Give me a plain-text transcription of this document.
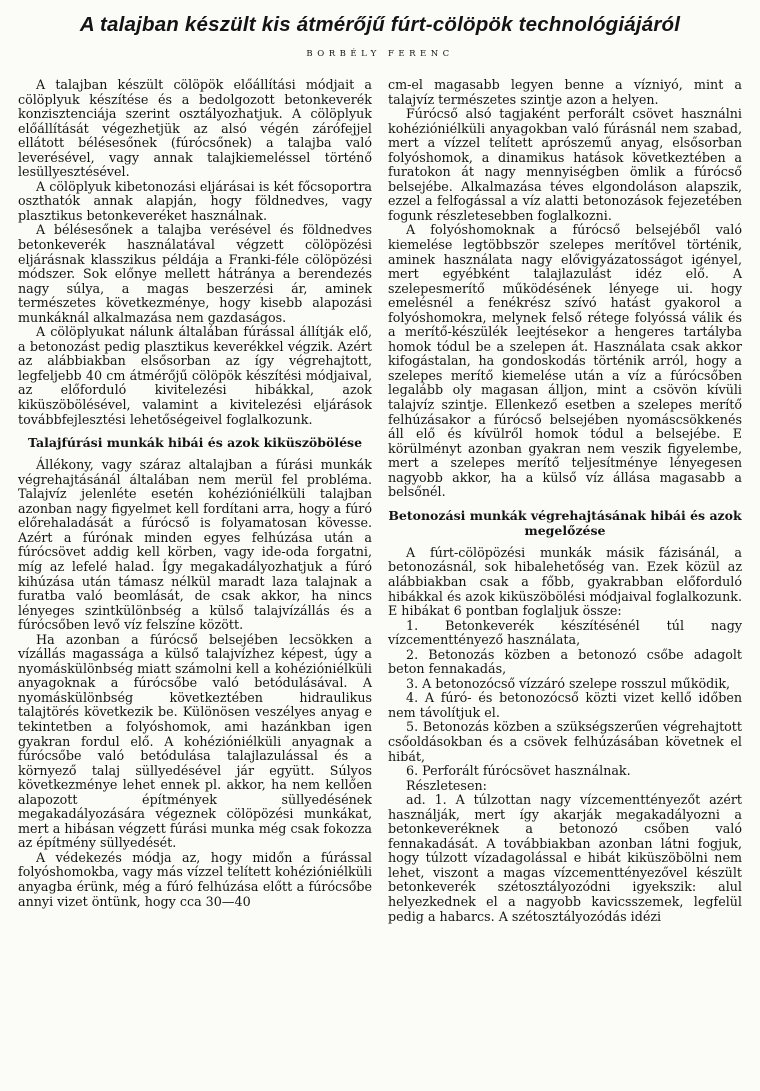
A talajban készült kis átmérőjű fúrt-cölöpök technológiájáról
BORBÉLY FERENC

A talajban készült cölöpök előállítási módjait a cölöplyuk készítése és a bedolgozott betonkeverék konzisztenciája szerint osztályozhatjuk. A cölöplyuk előállítását végezhetjük az alsó végén zárófejjel ellátott bélésesőnek (fúrócsőnek) a talajba való leverésével, vagy annak talajkiemeléssel történő lesüllyesztésével.

A cölöplyuk kibetonozási eljárásai is két főcsoportra oszthatók annak alapján, hogy földnedves, vagy plasztikus betonkeveréket használnak.

A bélésesőnek a talajba verésével és földnedves betonkeverék használatával végzett cölöpözési eljárásnak klasszikus példája a Franki-féle cölöpözési módszer. Sok előnye mellett hátránya a berendezés nagy súlya, a magas beszerzési ár, aminek természetes következménye, hogy kisebb alapozási munkáknál alkalmazása nem gazdaságos.

A cölöplyukat nálunk általában fúrással állítják elő, a betonozást pedig plasztikus keverékkel végzik. Azért az alábbiakban elsősorban az így végrehajtott, legfeljebb 40 cm átmérőjű cölöpök készítési módjaival, az előforduló kivitelezési hibákkal, azok kiküszöbölésével, valamint a kivitelezési eljárások továbbfejlesztési lehetőségeivel foglalkozunk.

Talajfúrási munkák hibái és azok kiküszöbölése

Állékony, vagy száraz altalajban a fúrási munkák végrehajtásánál általában nem merül fel probléma. Talajvíz jelenléte esetén kohézióniélküli talajban azonban nagy figyelmet kell fordítani arra, hogy a fúró előrehaladását a fúrócső is folyamatosan kövesse. Azért a fúrónak minden egyes felhúzása után a fúrócsövet addig kell körben, vagy ide-oda forgatni, míg az lefelé halad. Így megakadályozhatjuk a fúró kihúzása után támasz nélkül maradt laza talajnak a furatba való beomlását, de csak akkor, ha nincs lényeges szintkülönbség a külső talajvízállás és a fúrócsőben levő víz felszíne között.

Ha azonban a fúrócső belsejében lecsökken a vízállás magassága a külső talajvízhez képest, úgy a nyomáskülönbség miatt számolni kell a kohézióniélküli anyagoknak a fúrócsőbe való betódulásával. A nyomáskülönbség következtében hidraulikus talajtörés következik be. Különösen veszélyes anyag e tekintetben a folyóshomok, ami hazánkban igen gyakran fordul elő. A kohézióniélküli anyagnak a fúrócsőbe való betódulása talajlazulással és a környező talaj süllyedésével jár együtt. Súlyos következménye lehet ennek pl. akkor, ha nem kellően alapozott építmények süllyedésének megakadályozására végeznek cölöpözési munkákat, mert a hibásan végzett fúrási munka még csak fokozza az építmény süllyedését.

A védekezés módja az, hogy midőn a fúrással folyóshomokba, vagy más vízzel telített kohézióniélküli anyagba érünk, még a fúró felhúzása előtt a fúrócsőbe annyi vizet öntünk, hogy cca 30—40

cm-el magasabb legyen benne a vízniyó, mint a talajvíz természetes szintje azon a helyen.

Fúrócső alsó tagjaként perforált csövet használni kohézióniélküli anyagokban való fúrásnál nem szabad, mert a vízzel telített aprószemű anyag, elsősorban folyóshomok, a dinamikus hatások következtében a furatokon át nagy mennyiségben ömlik a fúrócső belsejébe. Alkalmazása téves elgondoláson alapszik, ezzel a felfogással a víz alatti betonozások fejezetében fogunk részletesebben foglalkozni.

A folyóshomoknak a fúrócső belsejéből való kiemelése legtöbbször szelepes merítővel történik, aminek használata nagy elővigyázatosságot igényel, mert egyébként talajlazulást idéz elő. A szelepesmerítő működésének lényege ui. hogy emelésnél a fenékrész szívó hatást gyakorol a folyóshomokra, melynek felső rétege folyóssá válik és a merítő-készülék leejtésekor a hengeres tartályba homok tódul be a szelepen át. Használata csak akkor kifogástalan, ha gondoskodás történik arról, hogy a szelepes merítő kiemelése után a víz a fúrócsőben legalább oly magasan álljon, mint a csövön kívüli talajvíz szintje. Ellenkező esetben a szelepes merítő felhúzásakor a fúrócső belsejében nyomáscsökkenés áll elő és kívülről homok tódul a belsejébe. E körülményt azonban gyakran nem veszik figyelembe, mert a szelepes merítő teljesítménye lényegesen nagyobb akkor, ha a külső víz állása magasabb a belsőnél.

Betonozási munkák végrehajtásának hibái és azok megelőzése

A fúrt-cölöpözési munkák másik fázisánál, a betonozásnál, sok hibalehetőség van. Ezek közül az alábbiakban csak a főbb, gyakrabban előforduló hibákkal és azok kiküszöbölési módjaival foglalkozunk. E hibákat 6 pontban foglaljuk össze:

1. Betonkeverék készítésénél túl nagy vízcementtényező használata,

2. Betonozás közben a betonozó csőbe adagolt beton fennakadás,

3. A betonozócső vízzáró szelepe rosszul működik,

4. A fúró- és betonozócső közti vizet kellő időben nem távolítjuk el.

5. Betonozás közben a szükségszerűen végrehajtott csőoldásokban és a csövek felhúzásában követnek el hibát,

6. Perforált fúrócsövet használnak.

Részletesen:

ad. 1. A túlzottan nagy vízcementtényezőt azért használják, mert így akarják megakadályozni a betonkeveréknek a betonozó csőben való fennakadását. A továbbiakban azonban látni fogjuk, hogy túlzott vízadagolással e hibát kiküszöbölni nem lehet, viszont a magas vízcementtényezővel készült betonkeverék szétosztályozódni igyekszik: alul helyezkednek el a nagyobb kavicsszemek, legfelül pedig a habarcs. A szétosztályozódás idézi
